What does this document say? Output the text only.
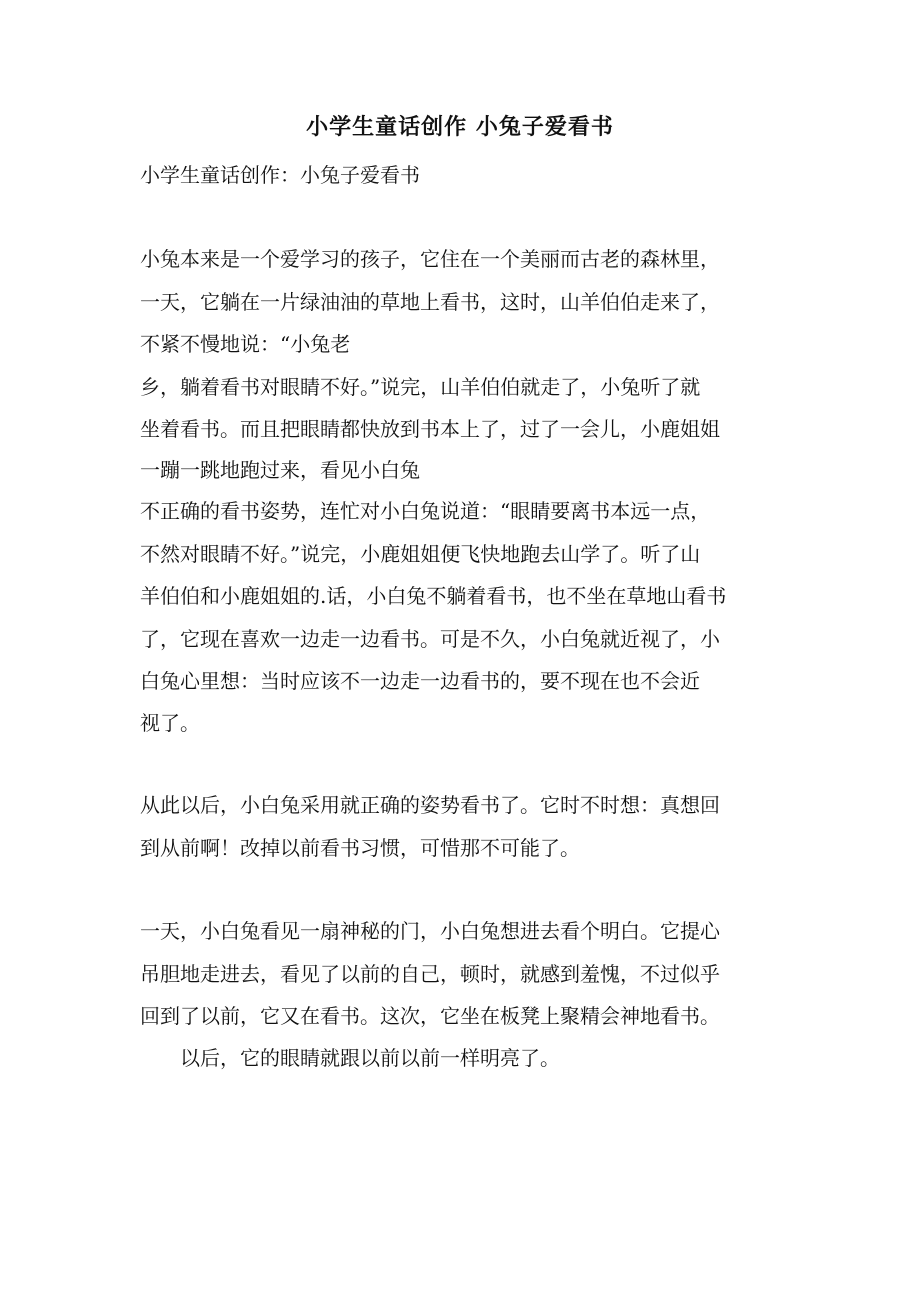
小学生童话创作 小兔子爱看书

小学生童话创作：小兔子爱看书

小兔本来是一个爱学习的孩子，它住在一个美丽而古老的森林里，

一天，它躺在一片绿油油的草地上看书，这时，山羊伯伯走来了，

不紧不慢地说：“小兔老

乡，躺着看书对眼睛不好。”说完，山羊伯伯就走了，小兔听了就

坐着看书。而且把眼睛都快放到书本上了，过了一会儿，小鹿姐姐

一蹦一跳地跑过来，看见小白兔

不正确的看书姿势，连忙对小白兔说道：“眼睛要离书本远一点，

不然对眼睛不好。”说完，小鹿姐姐便飞快地跑去山学了。听了山

羊伯伯和小鹿姐姐的.话，小白兔不躺着看书，也不坐在草地山看书

了，它现在喜欢一边走一边看书。可是不久，小白兔就近视了，小

白兔心里想：当时应该不一边走一边看书的，要不现在也不会近

视了。

从此以后，小白兔采用就正确的姿势看书了。它时不时想：真想回

到从前啊！改掉以前看书习惯，可惜那不可能了。

一天，小白兔看见一扇神秘的门，小白兔想进去看个明白。它提心

吊胆地走进去，看见了以前的自己，顿时，就感到羞愧，不过似乎

回到了以前，它又在看书。这次，它坐在板凳上聚精会神地看书。

　　以后，它的眼睛就跟以前以前一样明亮了。
